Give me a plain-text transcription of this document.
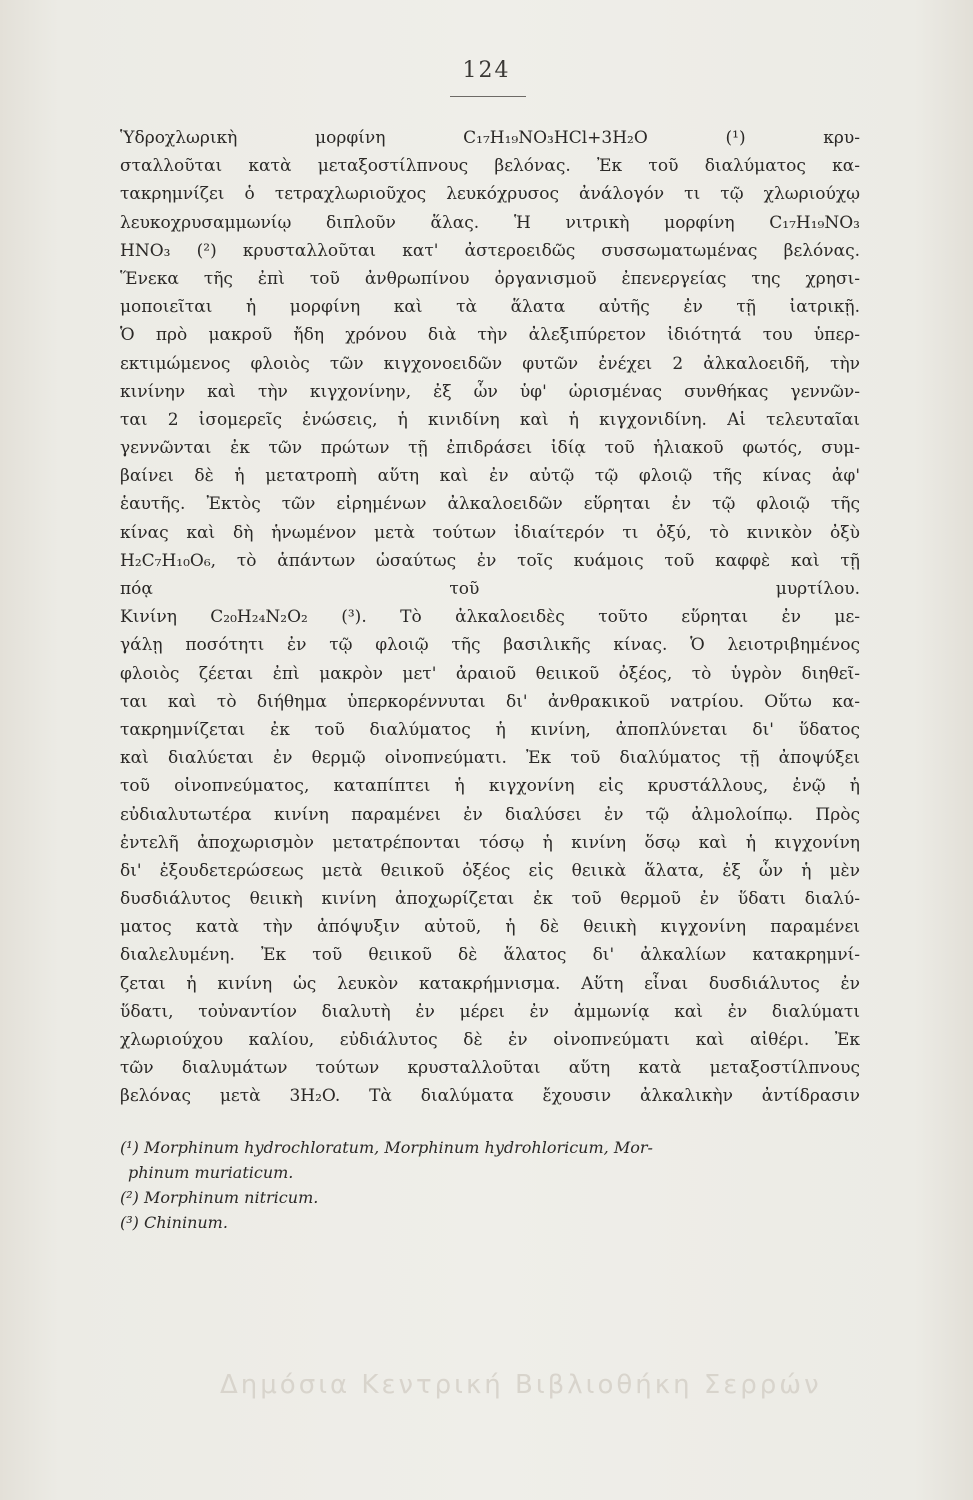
124
Ὑδροχλωρικὴ μορφίνη C₁₇H₁₉NO₃HCl+3H₂O (¹) κρυ-
σταλλοῦται κατὰ μεταξοστίλπνους βελόνας. Ἐκ τοῦ διαλύματος κα-
τακρημνίζει ὁ τετραχλωριοῦχος λευκόχρυσος ἀνάλογόν τι τῷ χλωριούχῳ
λευκοχρυσαμμωνίῳ διπλοῦν ἅλας. Ἡ νιτρικὴ μορφίνη C₁₇H₁₉NO₃
HNO₃ (²) κρυσταλλοῦται κατ' ἀστεροειδῶς συσσωματωμένας βελόνας.
Ἕνεκα τῆς ἐπὶ τοῦ ἀνθρωπίνου ὀργανισμοῦ ἐπενεργείας της χρησι-
μοποιεῖται ἡ μορφίνη καὶ τὰ ἅλατα αὐτῆς ἐν τῇ ἰατρικῇ.
Ὁ πρὸ μακροῦ ἤδη χρόνου διὰ τὴν ἀλεξιπύρετον ἰδιότητά του ὑπερ-
εκτιμώμενος φλοιὸς τῶν κιγχονοειδῶν φυτῶν ἐνέχει 2 ἀλκαλοειδῆ, τὴν
κινίνην καὶ τὴν κιγχονίνην, ἐξ ὧν ὑφ' ὡρισμένας συνθήκας γεννῶν-
ται 2 ἰσομερεῖς ἑνώσεις, ἡ κινιδίνη καὶ ἡ κιγχονιδίνη. Αἱ τελευταῖαι
γεννῶνται ἐκ τῶν πρώτων τῇ ἐπιδράσει ἰδίᾳ τοῦ ἡλιακοῦ φωτός, συμ-
βαίνει δὲ ἡ μετατροπὴ αὕτη καὶ ἐν αὐτῷ τῷ φλοιῷ τῆς κίνας ἀφ'
ἑαυτῆς. Ἐκτὸς τῶν εἰρημένων ἀλκαλοειδῶν εὕρηται ἐν τῷ φλοιῷ τῆς
κίνας καὶ δὴ ἡνωμένον μετὰ τούτων ἰδιαίτερόν τι ὀξύ, τὸ κινικὸν ὀξὺ
H₂C₇H₁₀O₆, τὸ ἁπάντων ὡσαύτως ἐν τοῖς κυάμοις τοῦ καφφὲ καὶ τῇ
πόᾳ τοῦ μυρτίλου.
Κινίνη C₂₀H₂₄N₂O₂ (³). Τὸ ἀλκαλοειδὲς τοῦτο εὕρηται ἐν με-
γάλῃ ποσότητι ἐν τῷ φλοιῷ τῆς βασιλικῆς κίνας. Ὁ λειοτριβημένος
φλοιὸς ζέεται ἐπὶ μακρὸν μετ' ἀραιοῦ θειικοῦ ὀξέος, τὸ ὑγρὸν διηθεῖ-
ται καὶ τὸ διήθημα ὑπερκορέννυται δι' ἀνθρακικοῦ νατρίου. Οὕτω κα-
τακρημνίζεται ἐκ τοῦ διαλύματος ἡ κινίνη, ἀποπλύνεται δι' ὕδατος
καὶ διαλύεται ἐν θερμῷ οἰνοπνεύματι. Ἐκ τοῦ διαλύματος τῇ ἀποψύξει
τοῦ οἰνοπνεύματος, καταπίπτει ἡ κιγχονίνη εἰς κρυστάλλους, ἐνῷ ἡ
εὐδιαλυτωτέρα κινίνη παραμένει ἐν διαλύσει ἐν τῷ ἀλμολοίπῳ. Πρὸς
ἐντελῆ ἀποχωρισμὸν μετατρέπονται τόσῳ ἡ κινίνη ὅσῳ καὶ ἡ κιγχονίνη
δι' ἐξουδετερώσεως μετὰ θειικοῦ ὀξέος εἰς θειικὰ ἅλατα, ἐξ ὧν ἡ μὲν
δυσδιάλυτος θειικὴ κινίνη ἀποχωρίζεται ἐκ τοῦ θερμοῦ ἐν ὕδατι διαλύ-
ματος κατὰ τὴν ἀπόψυξιν αὐτοῦ, ἡ δὲ θειικὴ κιγχονίνη παραμένει
διαλελυμένη. Ἐκ τοῦ θειικοῦ δὲ ἅλατος δι' ἀλκαλίων κατακρημνί-
ζεται ἡ κινίνη ὡς λευκὸν κατακρήμνισμα. Αὕτη εἶναι δυσδιάλυτος ἐν
ὕδατι, τοὐναντίον διαλυτὴ ἐν μέρει ἐν ἀμμωνίᾳ καὶ ἐν διαλύματι
χλωριούχου καλίου, εὐδιάλυτος δὲ ἐν οἰνοπνεύματι καὶ αἰθέρι. Ἐκ
τῶν διαλυμάτων τούτων κρυσταλλοῦται αὕτη κατὰ μεταξοστίλπνους
βελόνας μετὰ 3H₂O. Τὰ διαλύματα ἔχουσιν ἀλκαλικὴν ἀντίδρασιν
(¹) Morphinum hydrochloratum, Morphinum hydrohloricum, Mor-
phinum muriaticum.
(²) Morphinum nitricum.
(³) Chininum.
Δημόσια Κεντρική Βιβλιοθήκη Σερρών
